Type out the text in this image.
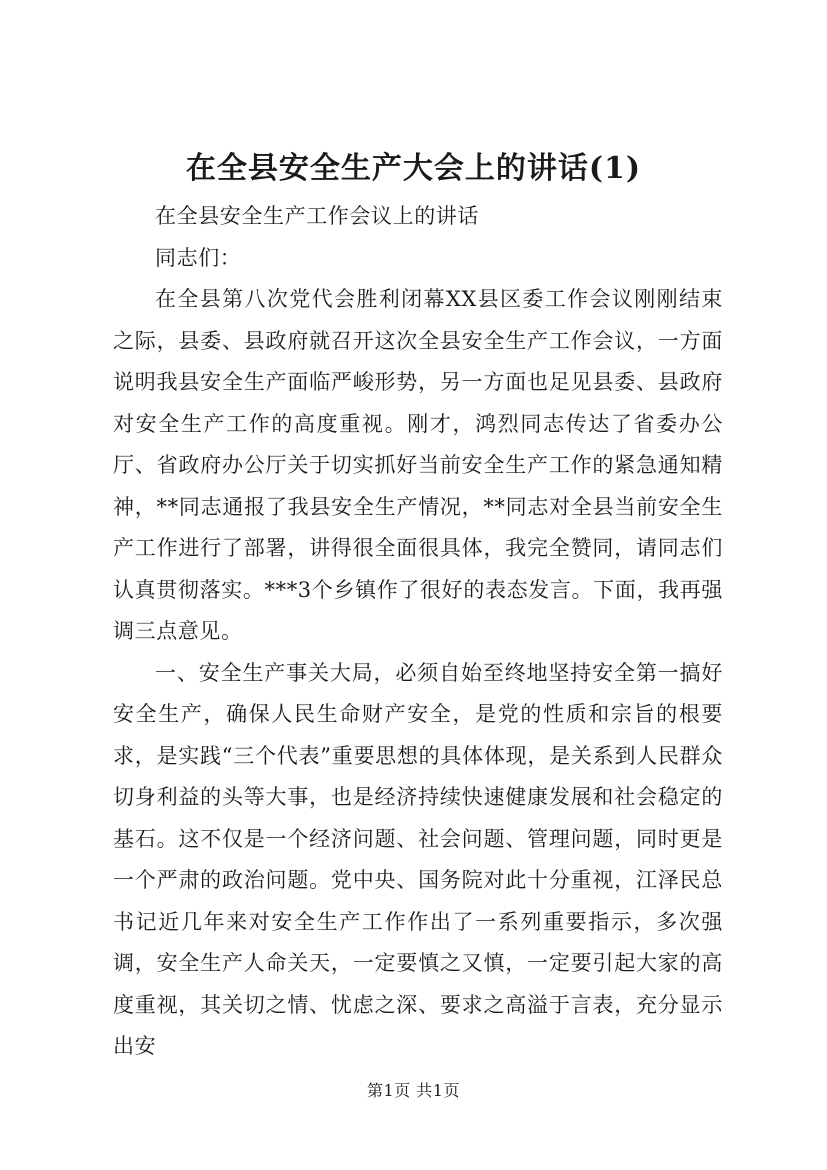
在全县安全生产大会上的讲话(1)

在全县安全生产工作会议上的讲话

同志们：

在全县第八次党代会胜利闭幕XX县区委工作会议刚刚结束之际，县委、县政府就召开这次全县安全生产工作会议，一方面说明我县安全生产面临严峻形势，另一方面也足见县委、县政府对安全生产工作的高度重视。刚才，鸿烈同志传达了省委办公厅、省政府办公厅关于切实抓好当前安全生产工作的紧急通知精神，**同志通报了我县安全生产情况，**同志对全县当前安全生产工作进行了部署，讲得很全面很具体，我完全赞同，请同志们认真贯彻落实。***3个乡镇作了很好的表态发言。下面，我再强调三点意见。

一、安全生产事关大局，必须自始至终地坚持安全第一搞好安全生产，确保人民生命财产安全，是党的性质和宗旨的根要求，是实践“三个代表”重要思想的具体体现，是关系到人民群众切身利益的头等大事，也是经济持续快速健康发展和社会稳定的基石。这不仅是一个经济问题、社会问题、管理问题，同时更是一个严肃的政治问题。党中央、国务院对此十分重视，江泽民总书记近几年来对安全生产工作作出了一系列重要指示，多次强调，安全生产人命关天，一定要慎之又慎，一定要引起大家的高度重视，其关切之情、忧虑之深、要求之高溢于言表，充分显示出安

第1页 共1页
